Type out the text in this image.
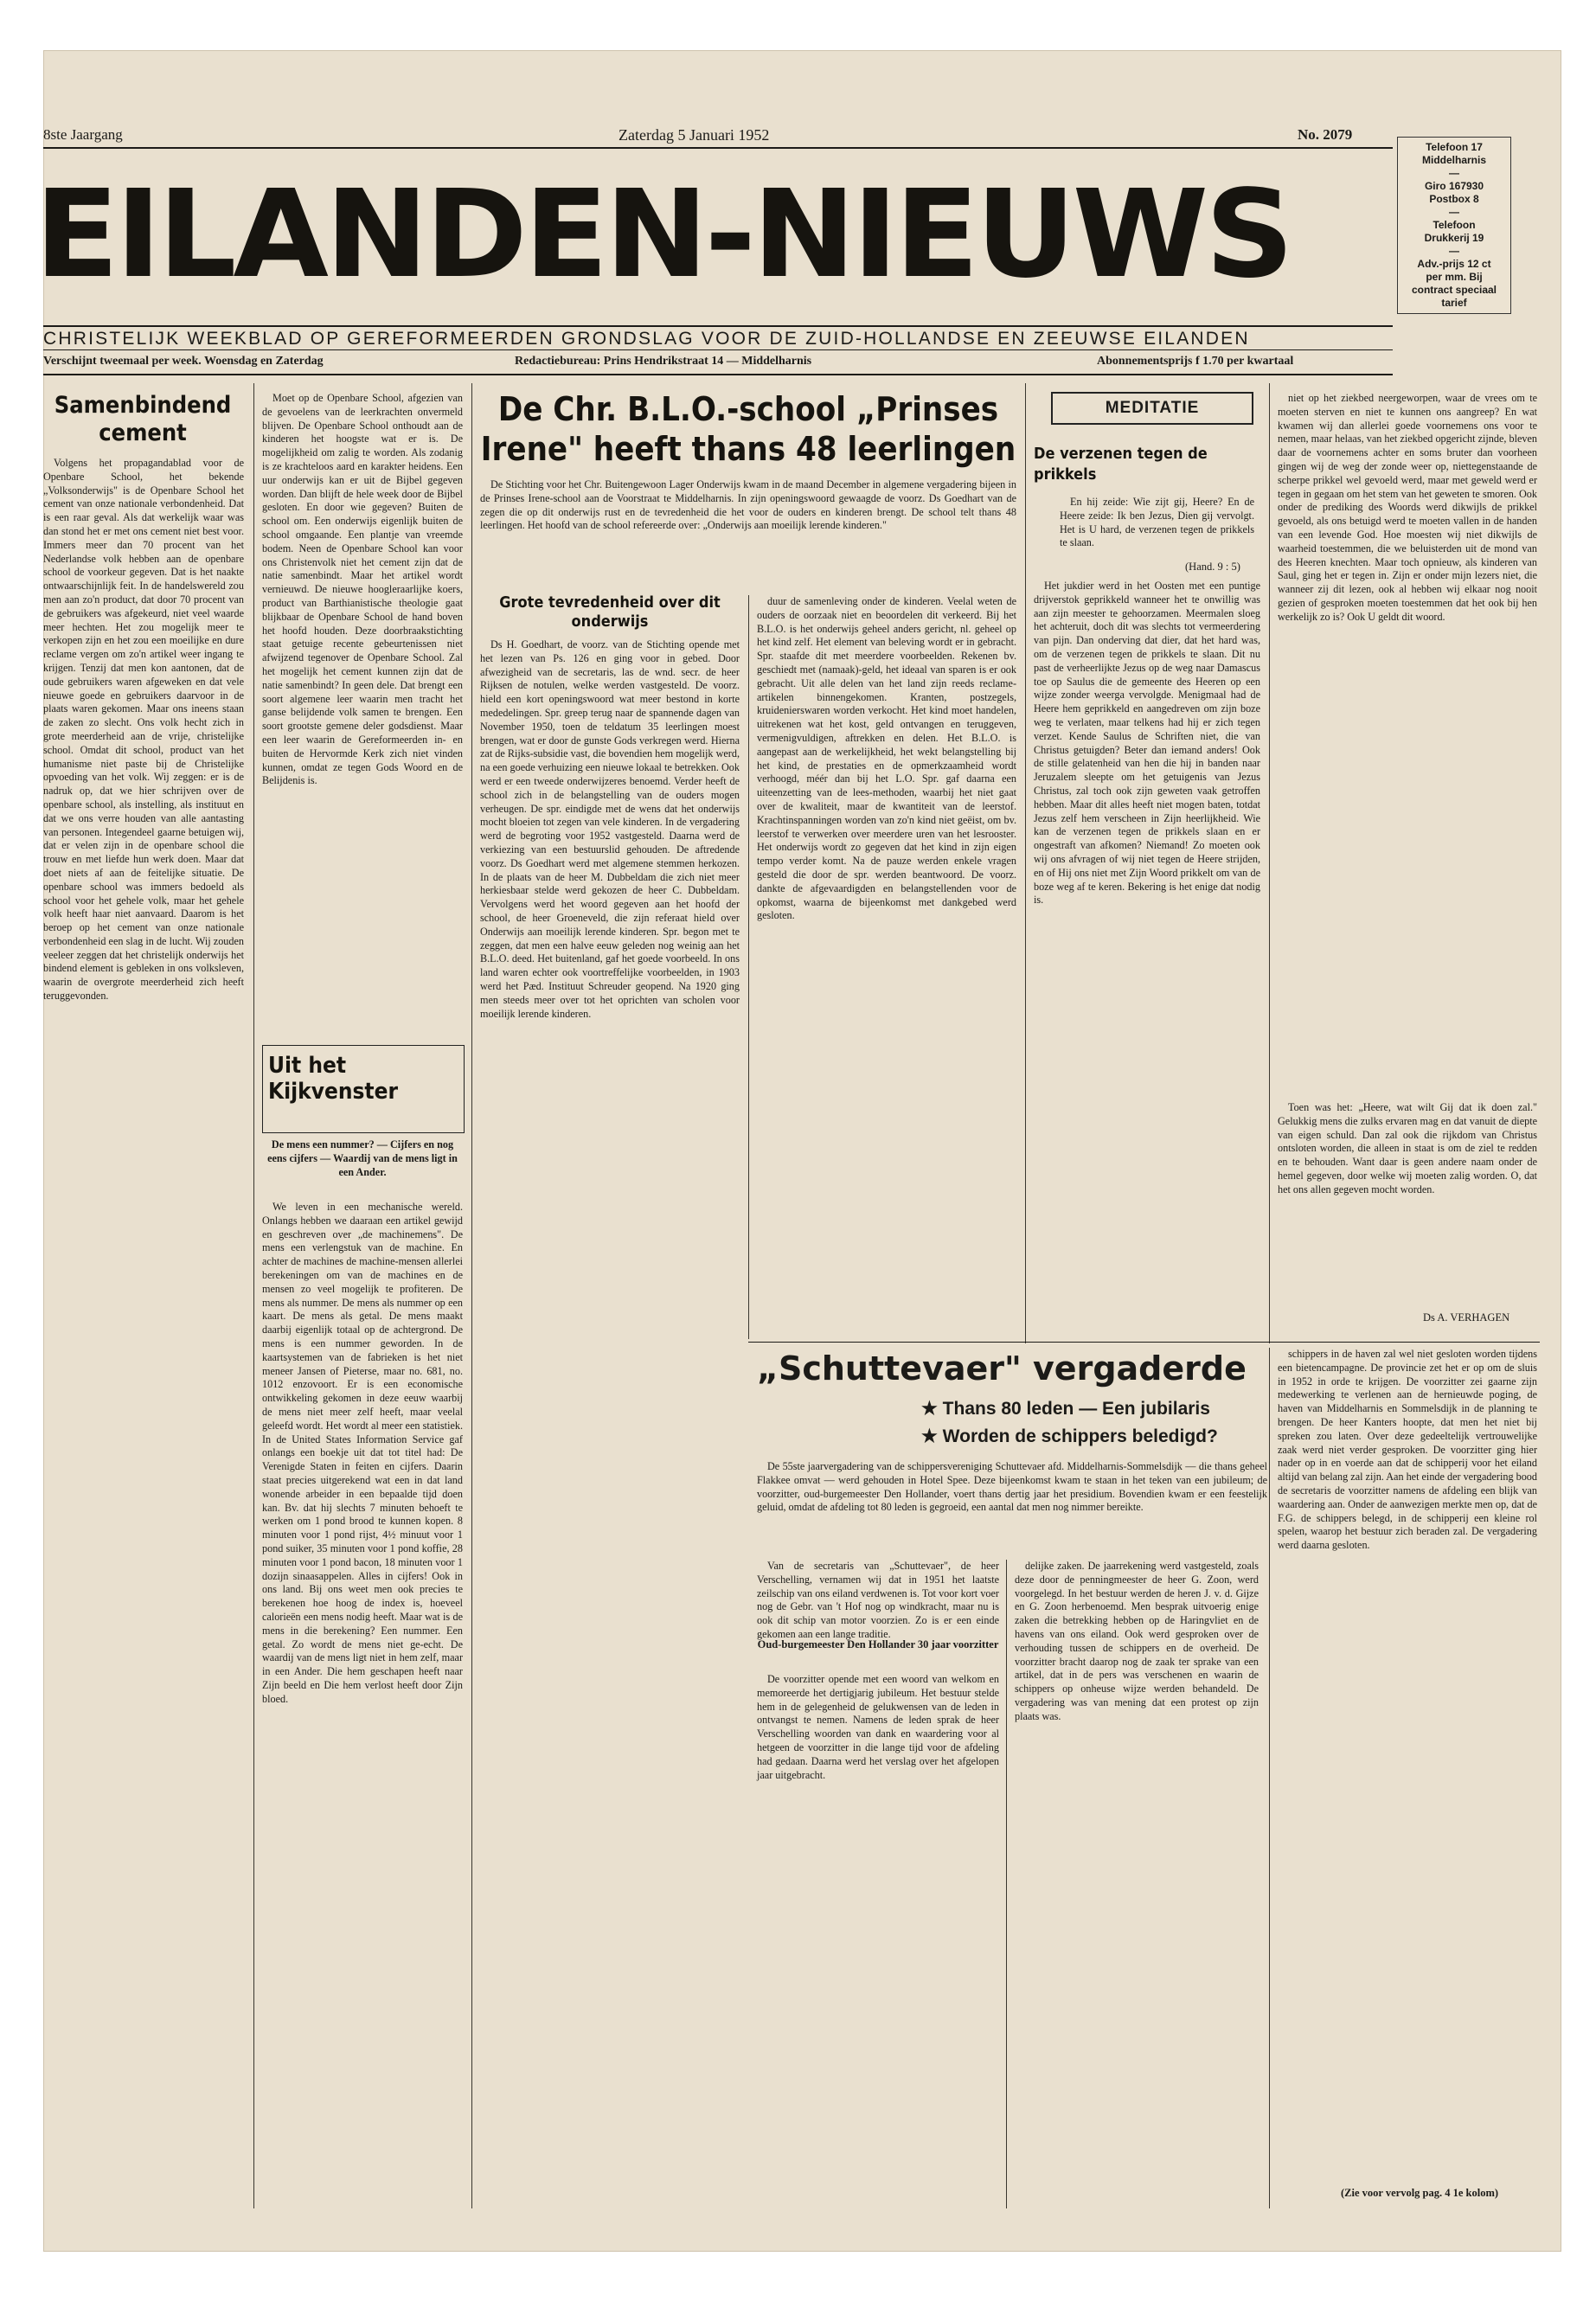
8ste Jaargang	Zaterdag 5 Januari 1952	No. 2079
EILANDEN-NIEUWS
CHRISTELIJK WEEKBLAD OP GEREFORMEERDEN GRONDSLAG VOOR DE ZUID-HOLLANDSE EN ZEEUWSE EILANDEN
Verschijnt tweemaal per week. Woensdag en Zaterdag	Redactiebureau: Prins Hendrikstraat 14 — Middelharnis	Abonnementsprijs f 1.70 per kwartaal
Telefoon 17
Middelharnis
—
Giro 167930
Postbox 8
—
Telefoon
Drukkerij 19
—
Adv.-prijs 12 ct
per mm. Bij
contract speciaal
tarief
Samenbindend cement

Volgens het propagandablad voor de Openbare School, het bekende „Volksonderwijs" is de Openbare School het cement van onze nationale verbondenheid. Dat is een raar geval. Als dat werkelijk waar was dan stond het er met ons cement niet best voor. Immers meer dan 70 procent van het Nederlandse volk hebben aan de openbare school de voorkeur gegeven. Dat is het naakte ontwaarschijnlijk feit. In de handelswereld zou men aan zo'n product, dat door 70 procent van de gebruikers was afgekeurd, niet veel waarde meer hechten. Het zou mogelijk meer te verkopen zijn en het zou een moeilijke en dure reclame vergen om zo'n artikel weer ingang te krijgen. Tenzij dat men kon aantonen, dat de oude gebruikers waren afgeweken en dat vele nieuwe goede en gebruikers daarvoor in de plaats waren gekomen. Maar ons ineens staan de zaken zo slecht. Ons volk hecht zich in grote meerderheid aan de vrije, christelijke school. Omdat dit school, product van het humanisme niet paste bij de Christelijke opvoeding van het volk. Wij zeggen: er is de nadruk op, dat we hier schrijven over de openbare school, als instelling, als instituut en dat we ons verre houden van alle aantasting van personen. Integendeel gaarne betuigen wij, dat er velen zijn in de openbare school die trouw en met liefde hun werk doen. Maar dat doet niets af aan de feitelijke situatie. De openbare school was immers bedoeld als school voor het gehele volk, maar het gehele volk heeft haar niet aanvaard. Daarom is het beroep op het cement van onze nationale verbondenheid een slag in de lucht. Wij zouden veeleer zeggen dat het christelijk onderwijs het bindend element is gebleken in ons volksleven, waarin de overgrote meerderheid zich heeft teruggevonden.

Moet op de Openbare School, afgezien van de gevoelens van de leerkrachten onvermeld blijven. De Openbare School onthoudt aan de kinderen het hoogste wat er is. De mogelijkheid om zalig te worden. Als zodanig is ze krachteloos aard en karakter heidens. Een uur onderwijs kan er uit de Bijbel gegeven worden. Dan blijft de hele week door de Bijbel gesloten. En door wie gegeven? Buiten de school om. Een onderwijs eigenlijk buiten de school omgaande. Een plantje van vreemde bodem. Neen de Openbare School kan voor ons Christenvolk niet het cement zijn dat de natie samenbindt. Maar het artikel wordt vernieuwd. De nieuwe hoogleraarlijke koers, product van Barthianistische theologie gaat blijkbaar de Openbare School de hand boven het hoofd houden. Deze doorbraakstichting staat getuige recente gebeurtenissen niet afwijzend tegenover de Openbare School. Zal het mogelijk het cement kunnen zijn dat de natie samenbindt? In geen dele. Dat brengt een soort algemene leer waarin men tracht het ganse belijdende volk samen te brengen. Een soort grootste gemene deler godsdienst. Maar een leer waarin de Gereformeerden in- en buiten de Hervormde Kerk zich niet vinden kunnen, omdat ze tegen Gods Woord en de Belijdenis is.

Uit het Kijkvenster

De mens een nummer? — Cijfers en nog eens cijfers — Waardij van de mens ligt in een Ander.

We leven in een mechanische wereld. Onlangs hebben we daaraan een artikel gewijd en geschreven over „de machinemens". De mens een verlengstuk van de machine. En achter de machines de machine-mensen allerlei berekeningen om van de machines en de mensen zo veel mogelijk te profiteren. De mens als nummer. De mens als nummer op een kaart. De mens als getal. De mens maakt daarbij eigenlijk totaal op de achtergrond. De mens is een nummer geworden. In de kaartsystemen van de fabrieken is het niet meneer Jansen of Pieterse, maar no. 681, no. 1012 enzovoort. Er is een economische ontwikkeling gekomen in deze eeuw waarbij de mens niet meer zelf heeft, maar veelal geleefd wordt. Het wordt al meer een statistiek. In de United States Information Service gaf onlangs een boekje uit dat tot titel had: De Verenigde Staten in feiten en cijfers. Daarin staat precies uitgerekend wat een in dat land wonende arbeider in een bepaalde tijd doen kan. Bv. dat hij slechts 7 minuten behoeft te werken om 1 pond brood te kunnen kopen. 8 minuten voor 1 pond rijst, 4½ minuut voor 1 pond suiker, 35 minuten voor 1 pond koffie, 28 minuten voor 1 pond bacon, 18 minuten voor 1 dozijn sinaasappelen. Alles in cijfers! Ook in ons land. Bij ons weet men ook precies te berekenen hoe hoog de index is, hoeveel calorieën een mens nodig heeft. Maar wat is de mens in die berekening? Een nummer. Een getal. Zo wordt de mens niet ge-echt. De waardij van de mens ligt niet in hem zelf, maar in een Ander. Die hem geschapen heeft naar Zijn beeld en Die hem verlost heeft door Zijn bloed.

De Chr. B.L.O.-school „Prinses Irene" heeft thans 48 leerlingen

De Stichting voor het Chr. Buitengewoon Lager Onderwijs kwam in de maand December in algemene vergadering bijeen in de Prinses Irene-school aan de Voorstraat te Middelharnis. In zijn openingswoord gewaagde de voorz. Ds Goedhart van de zegen die op dit onderwijs rust en de tevredenheid die het voor de ouders en kinderen brengt. De school telt thans 48 leerlingen. Het hoofd van de school refereerde over: „Onderwijs aan moeilijk lerende kinderen."

Grote tevredenheid over dit onderwijs

Ds H. Goedhart, de voorz. van de Stichting opende met het lezen van Ps. 126 en ging voor in gebed. Door afwezigheid van de secretaris, las de wnd. secr. de heer Rijksen de notulen, welke werden vastgesteld. De voorz. hield een kort openingswoord wat meer bestond in korte mededelingen. Spr. greep terug naar de spannende dagen van November 1950, toen de teldatum 35 leerlingen moest brengen, wat er door de gunste Gods verkregen werd. Hierna zat de Rijks-subsidie vast, die bovendien hem mogelijk werd, na een goede verhuizing een nieuwe lokaal te betrekken. Ook werd er een tweede onderwijzeres benoemd. Verder heeft de school zich in de belangstelling van de ouders mogen verheugen. De spr. eindigde met de wens dat het onderwijs mocht bloeien tot zegen van vele kinderen. In de vergadering werd de begroting voor 1952 vastgesteld. Daarna werd de verkiezing van een bestuurslid gehouden. De aftredende voorz. Ds Goedhart werd met algemene stemmen herkozen. In de plaats van de heer M. Dubbeldam die zich niet meer herkiesbaar stelde werd gekozen de heer C. Dubbeldam. Vervolgens werd het woord gegeven aan het hoofd der school, de heer Groeneveld, die zijn referaat hield over Onderwijs aan moeilijk lerende kinderen. Spr. begon met te zeggen, dat men een halve eeuw geleden nog weinig aan het B.L.O. deed. Het buitenland, gaf het goede voorbeeld. In ons land waren echter ook voortreffelijke voorbeelden, in 1903 werd het Pæd. Instituut Schreuder geopend. Na 1920 ging men steeds meer over tot het oprichten van scholen voor moeilijk lerende kinderen.

duur de samenleving onder de kinderen. Veelal weten de ouders de oorzaak niet en beoordelen dit verkeerd. Bij het B.L.O. is het onderwijs geheel anders gericht, nl. geheel op het kind zelf. Het element van beleving wordt er in gebracht. Spr. staafde dit met meerdere voorbeelden. Rekenen bv. geschiedt met (namaak)-geld, het ideaal van sparen is er ook gebracht. Uit alle delen van het land zijn reeds reclame-artikelen binnengekomen. Kranten, postzegels, kruidenierswaren worden verkocht. Het kind moet handelen, uitrekenen wat het kost, geld ontvangen en teruggeven, vermenigvuldigen, aftrekken en delen. Het B.L.O. is aangepast aan de werkelijkheid, het wekt belangstelling bij het kind, de prestaties en de opmerkzaamheid wordt verhoogd, méér dan bij het L.O. Spr. gaf daarna een uiteenzetting van de lees-methoden, waarbij het niet gaat over de kwaliteit, maar de kwantiteit van de leerstof. Krachtinspanningen worden van zo'n kind niet geëist, om bv. leerstof te verwerken over meerdere uren van het lesrooster. Het onderwijs wordt zo gegeven dat het kind in zijn eigen tempo verder komt. Na de pauze werden enkele vragen gesteld die door de spr. werden beantwoord. De voorz. dankte de afgevaardigden en belangstellenden voor de opkomst, waarna de bijeenkomst met dankgebed werd gesloten.

MEDITATIE
De verzenen tegen de prikkels

En hij zeide: Wie zijt gij, Heere? En de Heere zeide: Ik ben Jezus, Dien gij vervolgt. Het is U hard, de verzenen tegen de prikkels te slaan.

(Hand. 9 : 5)

Het jukdier werd in het Oosten met een puntige drijverstok geprikkeld wanneer het te onwillig was aan zijn meester te gehoorzamen. Meermalen sloeg het achteruit, doch dit was slechts tot vermeerdering van pijn. Dan onderving dat dier, dat het hard was, om de verzenen tegen de prikkels te slaan. Dit nu past de verheerlijkte Jezus op de weg naar Damascus toe op Saulus die de gemeente des Heeren op een wijze zonder weerga vervolgde. Menigmaal had de Heere hem geprikkeld en aangedreven om zijn boze weg te verlaten, maar telkens had hij er zich tegen verzet. Kende Saulus de Schriften niet, die van Christus getuigden? Beter dan iemand anders! Ook de stille gelatenheid van hen die hij in banden naar Jeruzalem sleepte om het getuigenis van Jezus Christus, zal toch ook zijn geweten vaak getroffen hebben. Maar dit alles heeft niet mogen baten, totdat Jezus zelf hem verscheen in Zijn heerlijkheid. Wie kan de verzenen tegen de prikkels slaan en er ongestraft van afkomen? Niemand! Zo moeten ook wij ons afvragen of wij niet tegen de Heere strijden, en of Hij ons niet met Zijn Woord prikkelt om van de boze weg af te keren. Bekering is het enige dat nodig is.

niet op het ziekbed neergeworpen, waar de vrees om te moeten sterven en niet te kunnen ons aangreep? En wat kwamen wij dan allerlei goede voornemens ons voor te nemen, maar helaas, van het ziekbed opgericht zijnde, bleven daar de voornemens achter en soms bruter dan voorheen gingen wij de weg der zonde weer op, niettegenstaande de scherpe prikkel wel gevoeld werd, maar met geweld werd er tegen in gegaan om het stem van het geweten te smoren. Ook onder de prediking des Woords werd dikwijls de prikkel gevoeld, als ons betuigd werd te moeten vallen in de handen van een levende God. Hoe moesten wij niet dikwijls de waarheid toestemmen, die we beluisterden uit de mond van des Heeren knechten. Maar toch opnieuw, als kinderen van Saul, ging het er tegen in. Zijn er onder mijn lezers niet, die wanneer zij dit lezen, ook al hebben wij elkaar nog nooit gezien of gesproken moeten toestemmen dat het ook bij hen werkelijk zo is? Ook U geldt dit woord.

Toen was het: „Heere, wat wilt Gij dat ik doen zal." Gelukkig mens die zulks ervaren mag en dat vanuit de diepte van eigen schuld. Dan zal ook die rijkdom van Christus ontsloten worden, die alleen in staat is om de ziel te redden en te behouden. Want daar is geen andere naam onder de hemel gegeven, door welke wij moeten zalig worden. O, dat het ons allen gegeven mocht worden.

Ds A. VERHAGEN
„Schuttevaer" vergaderde
★ Thans 80 leden — Een jubilaris
★ Worden de schippers beledigd?

De 55ste jaarvergadering van de schippersvereniging Schuttevaer afd. Middelharnis-Sommelsdijk — die thans geheel Flakkee omvat — werd gehouden in Hotel Spee. Deze bijeenkomst kwam te staan in het teken van een jubileum; de voorzitter, oud-burgemeester Den Hollander, voert thans dertig jaar het presidium. Bovendien kwam er een feestelijk geluid, omdat de afdeling tot 80 leden is gegroeid, een aantal dat men nog nimmer bereikte.

Van de secretaris van „Schuttevaer", de heer Verschelling, vernamen wij dat in 1951 het laatste zeilschip van ons eiland verdwenen is. Tot voor kort voer nog de Gebr. van 't Hof nog op windkracht, maar nu is ook dit schip van motor voorzien. Zo is er een einde gekomen aan een lange traditie.

Oud-burgemeester Den Hollander 30 jaar voorzitter

De voorzitter opende met een woord van welkom en memoreerde het dertigjarig jubileum. Het bestuur stelde hem in de gelegenheid de gelukwensen van de leden in ontvangst te nemen. Namens de leden sprak de heer Verschelling woorden van dank en waardering voor al hetgeen de voorzitter in die lange tijd voor de afdeling had gedaan. Daarna werd het verslag over het afgelopen jaar uitgebracht.

delijke zaken. De jaarrekening werd vastgesteld, zoals deze door de penningmeester de heer G. Zoon, werd voorgelegd. In het bestuur werden de heren J. v. d. Gijze en G. Zoon herbenoemd. Men besprak uitvoerig enige zaken die betrekking hebben op de Haringvliet en de havens van ons eiland. Ook werd gesproken over de verhouding tussen de schippers en de overheid. De voorzitter bracht daarop nog de zaak ter sprake van een artikel, dat in de pers was verschenen en waarin de schippers op onheuse wijze werden behandeld. De vergadering was van mening dat een protest op zijn plaats was.

schippers in de haven zal wel niet gesloten worden tijdens een bietencampagne. De provincie zet het er op om de sluis in 1952 in orde te krijgen. De voorzitter zei gaarne zijn medewerking te verlenen aan de hernieuwde poging, de haven van Middelharnis en Sommelsdijk in de planning te brengen. De heer Kanters hoopte, dat men het niet bij spreken zou laten. Over deze gedeeltelijk vertrouwelijke zaak werd niet verder gesproken. De voorzitter ging hier nader op in en voerde aan dat de schipperij voor het eiland altijd van belang zal zijn. Aan het einde der vergadering bood de secretaris de voorzitter namens de afdeling een blijk van waardering aan. Onder de aanwezigen merkte men op, dat de F.G. de schippers belegd, in de schipperij een kleine rol spelen, waarop het bestuur zich beraden zal. De vergadering werd daarna gesloten.

(Zie voor vervolg pag. 4 1e kolom)
